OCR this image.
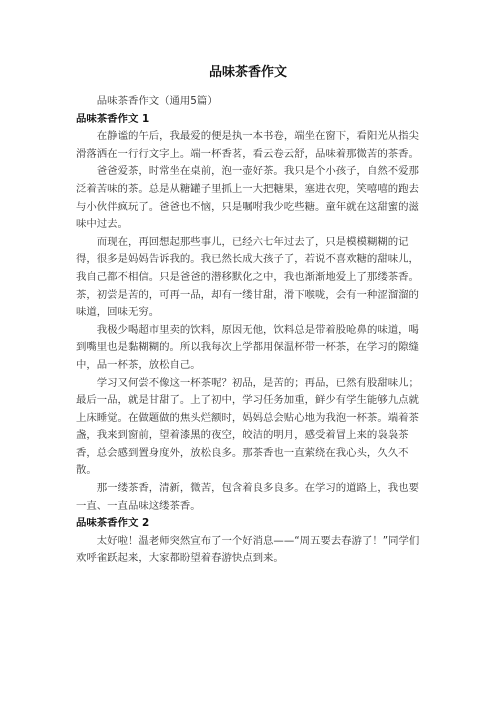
品味茶香作文

品味茶香作文（通用5篇）

品味茶香作文 1

在静谧的午后，我最爱的便是执一本书卷，端坐在窗下，看阳光从指尖滑落洒在一行行文字上。端一杯香茗，看云卷云舒，品味着那微苦的茶香。

爸爸爱茶，时常坐在桌前，泡一壶好茶。我只是个小孩子，自然不爱那泛着苦味的茶。总是从糖罐子里抓上一大把糖果，塞进衣兜，笑嘻嘻的跑去与小伙伴疯玩了。爸爸也不恼，只是嘱咐我少吃些糖。童年就在这甜蜜的滋味中过去。

而现在，再回想起那些事儿，已经六七年过去了，只是模模糊糊的记得，很多是妈妈告诉我的。我已然长成大孩子了，若说不喜欢糖的甜味儿，我自己都不相信。只是爸爸的潜移默化之中，我也渐渐地爱上了那缕茶香。茶，初尝是苦的，可再一品，却有一缕甘甜，滑下喉咙，会有一种涩溜溜的味道，回味无穷。

我极少喝超市里卖的饮料，原因无他，饮料总是带着股呛鼻的味道，喝到嘴里也是黏糊糊的。所以我每次上学都用保温杯带一杯茶，在学习的隙缝中，品一杯茶，放松自己。

学习又何尝不像这一杯茶呢？初品，是苦的；再品，已然有股甜味儿；最后一品，就是甘甜了。上了初中，学习任务加重，鲜少有学生能够九点就上床睡觉。在做题做的焦头烂额时，妈妈总会贴心地为我泡一杯茶。端着茶盏，我来到窗前，望着漆黑的夜空，皎洁的明月，感受着冒上来的袅袅茶香，总会感到置身度外，放松良多。那茶香也一直萦绕在我心头，久久不散。

那一缕茶香，清新，微苦，包含着良多良多。在学习的道路上，我也要一直、一直品味这缕茶香。

品味茶香作文 2

太好啦！温老师突然宣布了一个好消息——“周五要去春游了！”同学们欢呼雀跃起来，大家都盼望着春游快点到来。
